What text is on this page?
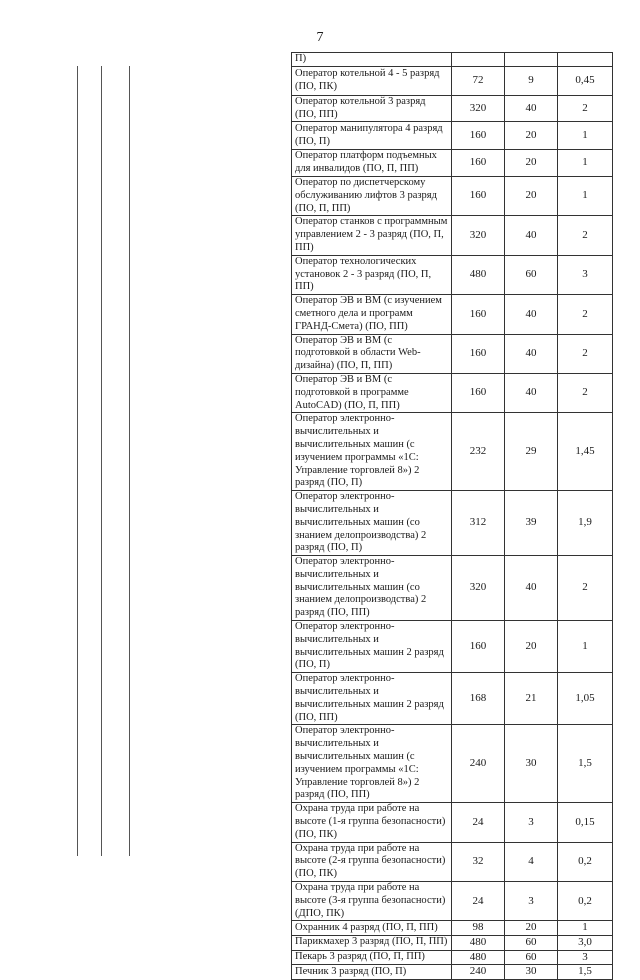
7
П)			
Оператор котельной 4 - 5 разряд (ПО, ПК)	72	9	0,45
Оператор котельной 3 разряд (ПО, ПП)	320	40	2
Оператор манипулятора 4 разряд (ПО, П)	160	20	1
Оператор платформ подъемных для инвалидов (ПО, П, ПП)	160	20	1
Оператор по диспетчерскому обслуживанию лифтов 3 разряд (ПО, П, ПП)	160	20	1
Оператор станков с программным управлением 2 - 3 разряд (ПО, П, ПП)	320	40	2
Оператор технологических установок 2 - 3 разряд (ПО, П, ПП)	480	60	3
Оператор ЭВ и ВМ (с изучением сметного дела и программ ГРАНД-Смета) (ПО, ПП)	160	40	2
Оператор ЭВ и ВМ (с подготовкой в области Web-дизайна) (ПО, П, ПП)	160	40	2
Оператор ЭВ и ВМ (с подготовкой в программе AutoCAD) (ПО, П, ПП)	160	40	2
Оператор электронно-вычислительных и вычислительных машин (с изучением программы «1С: Управление торговлей 8») 2 разряд (ПО, П)	232	29	1,45
Оператор электронно-вычислительных и вычислительных машин (со знанием делопроизводства) 2 разряд (ПО, П)	312	39	1,9
Оператор электронно-вычислительных и вычислительных машин (со знанием делопроизводства) 2 разряд (ПО, ПП)	320	40	2
Оператор электронно-вычислительных и вычислительных машин 2 разряд (ПО, П)	160	20	1
Оператор электронно-вычислительных и вычислительных машин 2 разряд (ПО, ПП)	168	21	1,05
Оператор электронно-вычислительных и вычислительных машин (с изучением программы «1С: Управление торговлей 8») 2 разряд (ПО, ПП)	240	30	1,5
Охрана труда при работе на высоте (1-я группа безопасности) (ПО, ПК)	24	3	0,15
Охрана труда при работе на высоте (2-я группа безопасности) (ПО, ПК)	32	4	0,2
Охрана труда при работе на высоте (3-я группа безопасности) (ДПО, ПК)	24	3	0,2
Охранник 4 разряд (ПО, П, ПП)	98	20	1
Парикмахер 3 разряд (ПО, П, ПП)	480	60	3,0
Пекарь 3 разряд (ПО, П, ПП)	480	60	3
Печник 3 разряд (ПО, П)	240	30	1,5
